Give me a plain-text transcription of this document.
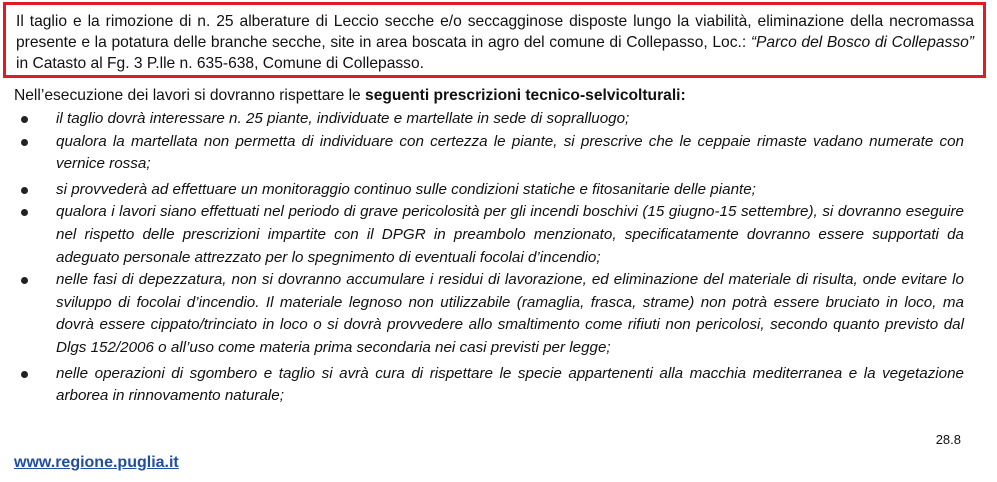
Il taglio e la rimozione di n. 25 alberature di Leccio secche e/o seccagginose disposte lungo la viabilità, eliminazione della necromassa presente e la potatura delle branche secche, site in area boscata in agro del comune di Collepasso, Loc.: “Parco del Bosco di Collepasso” in Catasto al Fg. 3 P.lle n. 635-638, Comune di Collepasso.
Nell’esecuzione dei lavori si dovranno rispettare le seguenti prescrizioni tecnico-selvicolturali:
il taglio dovrà interessare n. 25 piante, individuate e martellate in sede di sopralluogo;
qualora la martellata non permetta di individuare con certezza le piante, si prescrive che le ceppaie rimaste vadano numerate con vernice rossa;
si provvederà ad effettuare un monitoraggio continuo sulle condizioni statiche e fitosanitarie delle piante;
qualora i lavori siano effettuati nel periodo di grave pericolosità per gli incendi boschivi (15 giugno-15 settembre), si dovranno eseguire nel rispetto delle prescrizioni impartite con il DPGR in preambolo menzionato, specificatamente dovranno essere supportati da adeguato personale attrezzato per lo spegnimento di eventuali focolai d’incendio;
nelle fasi di depezzatura, non si dovranno accumulare i residui di lavorazione, ed eliminazione del materiale di risulta, onde evitare lo sviluppo di focolai d’incendio. Il materiale legnoso non utilizzabile (ramaglia, frasca, strame) non potrà essere bruciato in loco, ma dovrà essere cippato/trinciato in loco o si dovrà provvedere allo smaltimento come rifiuti non pericolosi, secondo quanto previsto dal Dlgs 152/2006 o all’uso come materia prima secondaria nei casi previsti per legge;
nelle operazioni di sgombero e taglio si avrà cura di rispettare le specie appartenenti alla macchia mediterranea e la vegetazione arborea in rinnovamento naturale;
28.8
www.regione.puglia.it
